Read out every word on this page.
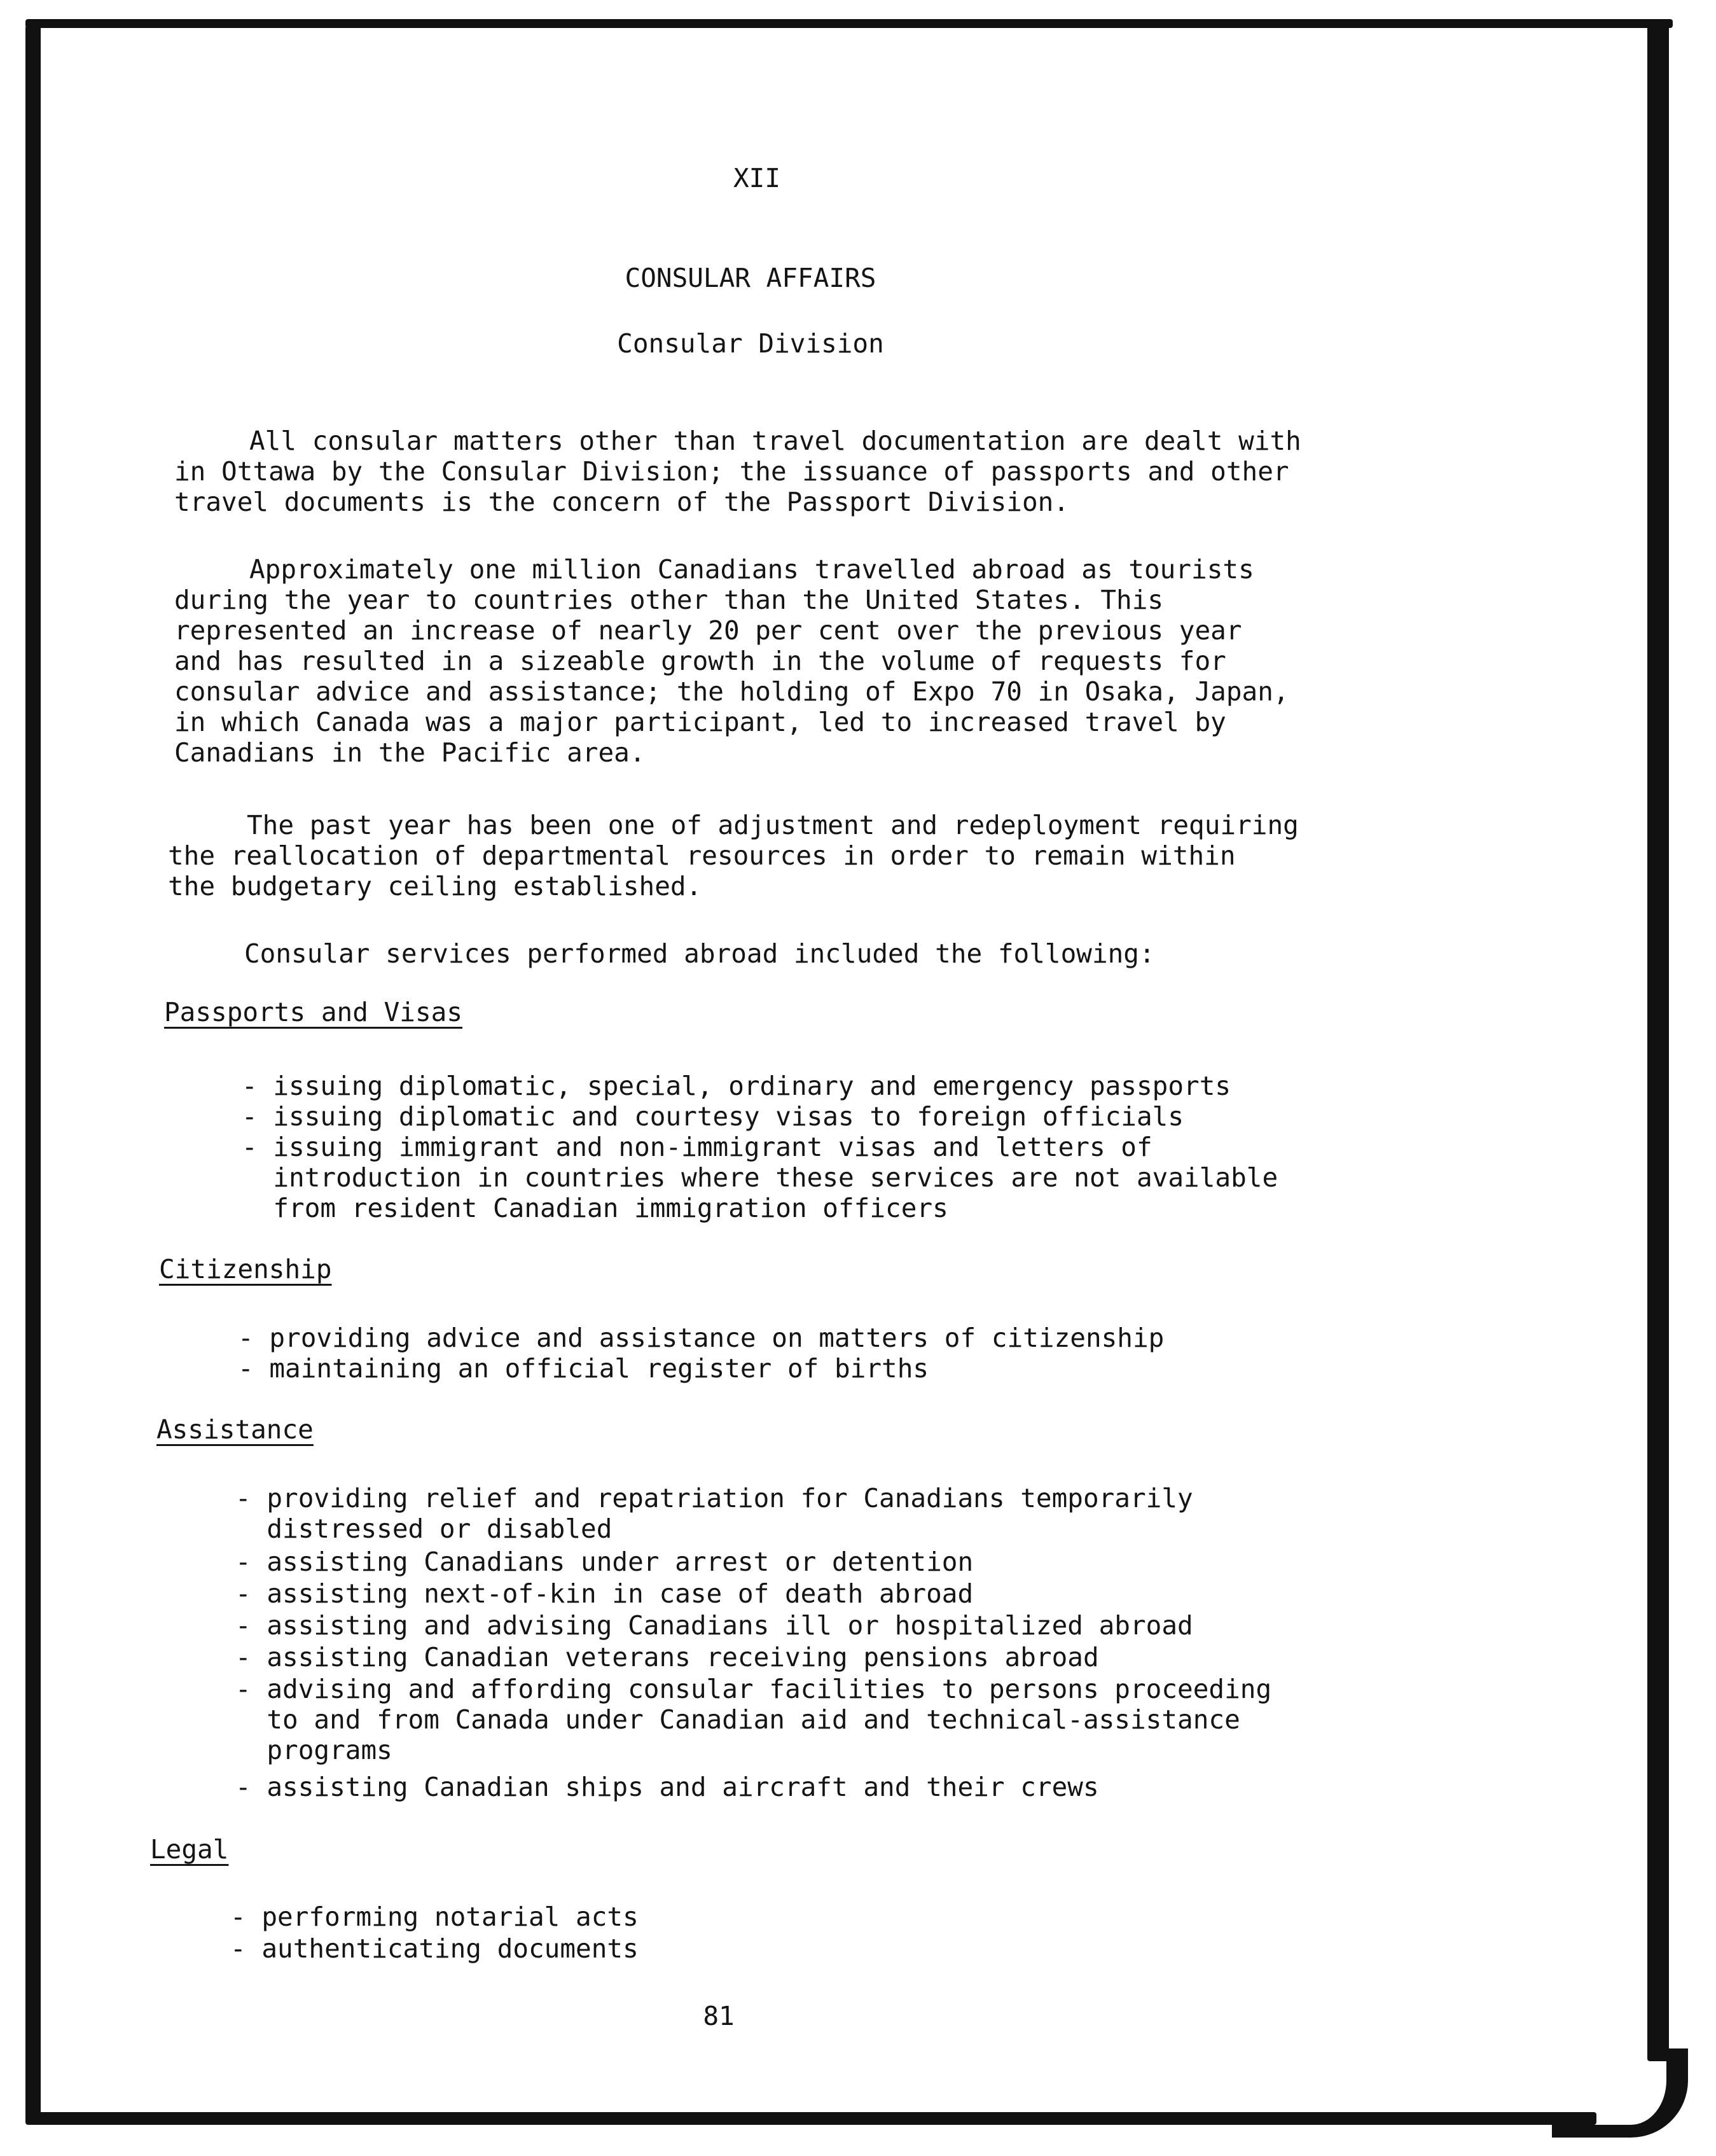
XII
CONSULAR AFFAIRS
Consular Division
All consular matters other than travel documentation are dealt with
in Ottawa by the Consular Division; the issuance of passports and other
travel documents is the concern of the Passport Division.
Approximately one million Canadians travelled abroad as tourists
during the year to countries other than the United States. This
represented an increase of nearly 20 per cent over the previous year
and has resulted in a sizeable growth in the volume of requests for
consular advice and assistance; the holding of Expo 70 in Osaka, Japan,
in which Canada was a major participant, led to increased travel by
Canadians in the Pacific area.
The past year has been one of adjustment and redeployment requiring
the reallocation of departmental resources in order to remain within
the budgetary ceiling established.
Consular services performed abroad included the following:
Passports and Visas
- issuing diplomatic, special, ordinary and emergency passports
- issuing diplomatic and courtesy visas to foreign officials
- issuing immigrant and non-immigrant visas and letters of
introduction in countries where these services are not available
from resident Canadian immigration officers
Citizenship
- providing advice and assistance on matters of citizenship
- maintaining an official register of births
Assistance
- providing relief and repatriation for Canadians temporarily
distressed or disabled
- assisting Canadians under arrest or detention
- assisting next-of-kin in case of death abroad
- assisting and advising Canadians ill or hospitalized abroad
- assisting Canadian veterans receiving pensions abroad
- advising and affording consular facilities to persons proceeding
to and from Canada under Canadian aid and technical-assistance
programs
- assisting Canadian ships and aircraft and their crews
Legal
- performing notarial acts
- authenticating documents
81
